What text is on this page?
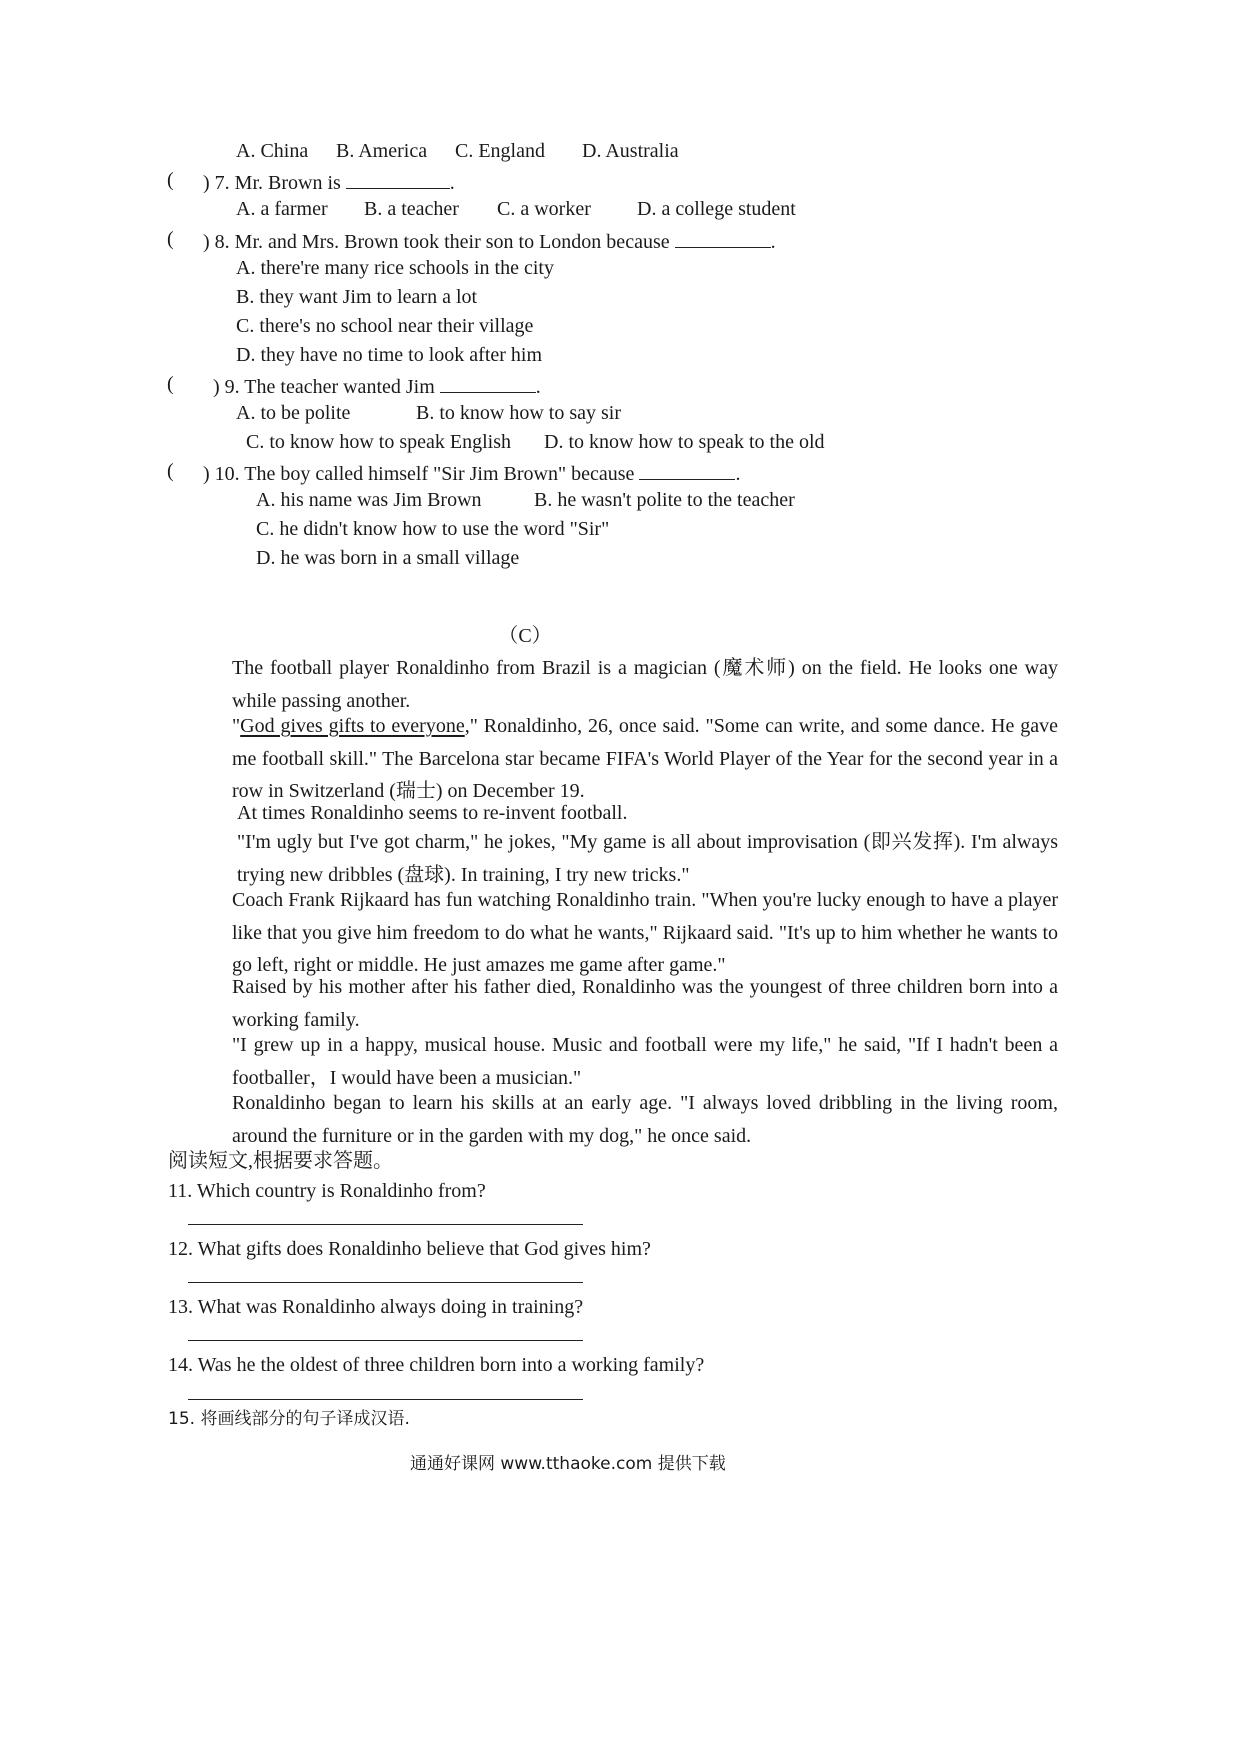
A. China B. America C. England D. Australia
( ) 7. Mr. Brown is	.
A. a farmer B. a teacher C. a worker D. a college student
( ) 8. Mr. and Mrs. Brown took their son to London because	.
A. there're many rice schools in the city
B. they want Jim to learn a lot
C. there's no school near their village
D. they have no time to look after him
( ) 9. The teacher wanted Jim	.
A. to be polite	B. to know how to say sir
C. to know how to speak English D. to know how to speak to the old
( ) 10. The boy called himself "Sir Jim Brown" because	.
A. his name was Jim Brown	B. he wasn't polite to the teacher
C. he didn't know how to use the word "Sir"
D. he was born in a small village
（C）
The football player Ronaldinho from Brazil is a magician (魔术师) on the field. He looks one way while passing another.
"God gives gifts to everyone," Ronaldinho, 26, once said. "Some can write, and some dance. He gave me football skill." The Barcelona star became FIFA's World Player of the Year for the second year in a row in Switzerland (瑞士) on December 19.
At times Ronaldinho seems to re-invent football.
"I'm ugly but I've got charm," he jokes, "My game is all about improvisation (即兴发挥). I'm always trying new dribbles (盘球). In training, I try new tricks."
Coach Frank Rijkaard has fun watching Ronaldinho train. "When you're lucky enough to have a player like that you give him freedom to do what he wants," Rijkaard said. "It's up to him whether he wants to go left, right or middle. He just amazes me game after game."
Raised by his mother after his father died, Ronaldinho was the youngest of three children born into a working family.
"I grew up in a happy, musical house. Music and football were my life," he said, "If I hadn't been a footballer，I would have been a musician."
Ronaldinho began to learn his skills at an early age. "I always loved dribbling in the living room, around the furniture or in the garden with my dog," he once said.
阅读短文,根据要求答题。
11. Which country is Ronaldinho from?
12. What gifts does Ronaldinho believe that God gives him?
13. What was Ronaldinho always doing in training?
14. Was he the oldest of three children born into a working family?
15. 将画线部分的句子译成汉语.
通通好课网 www.tthaoke.com 提供下载
